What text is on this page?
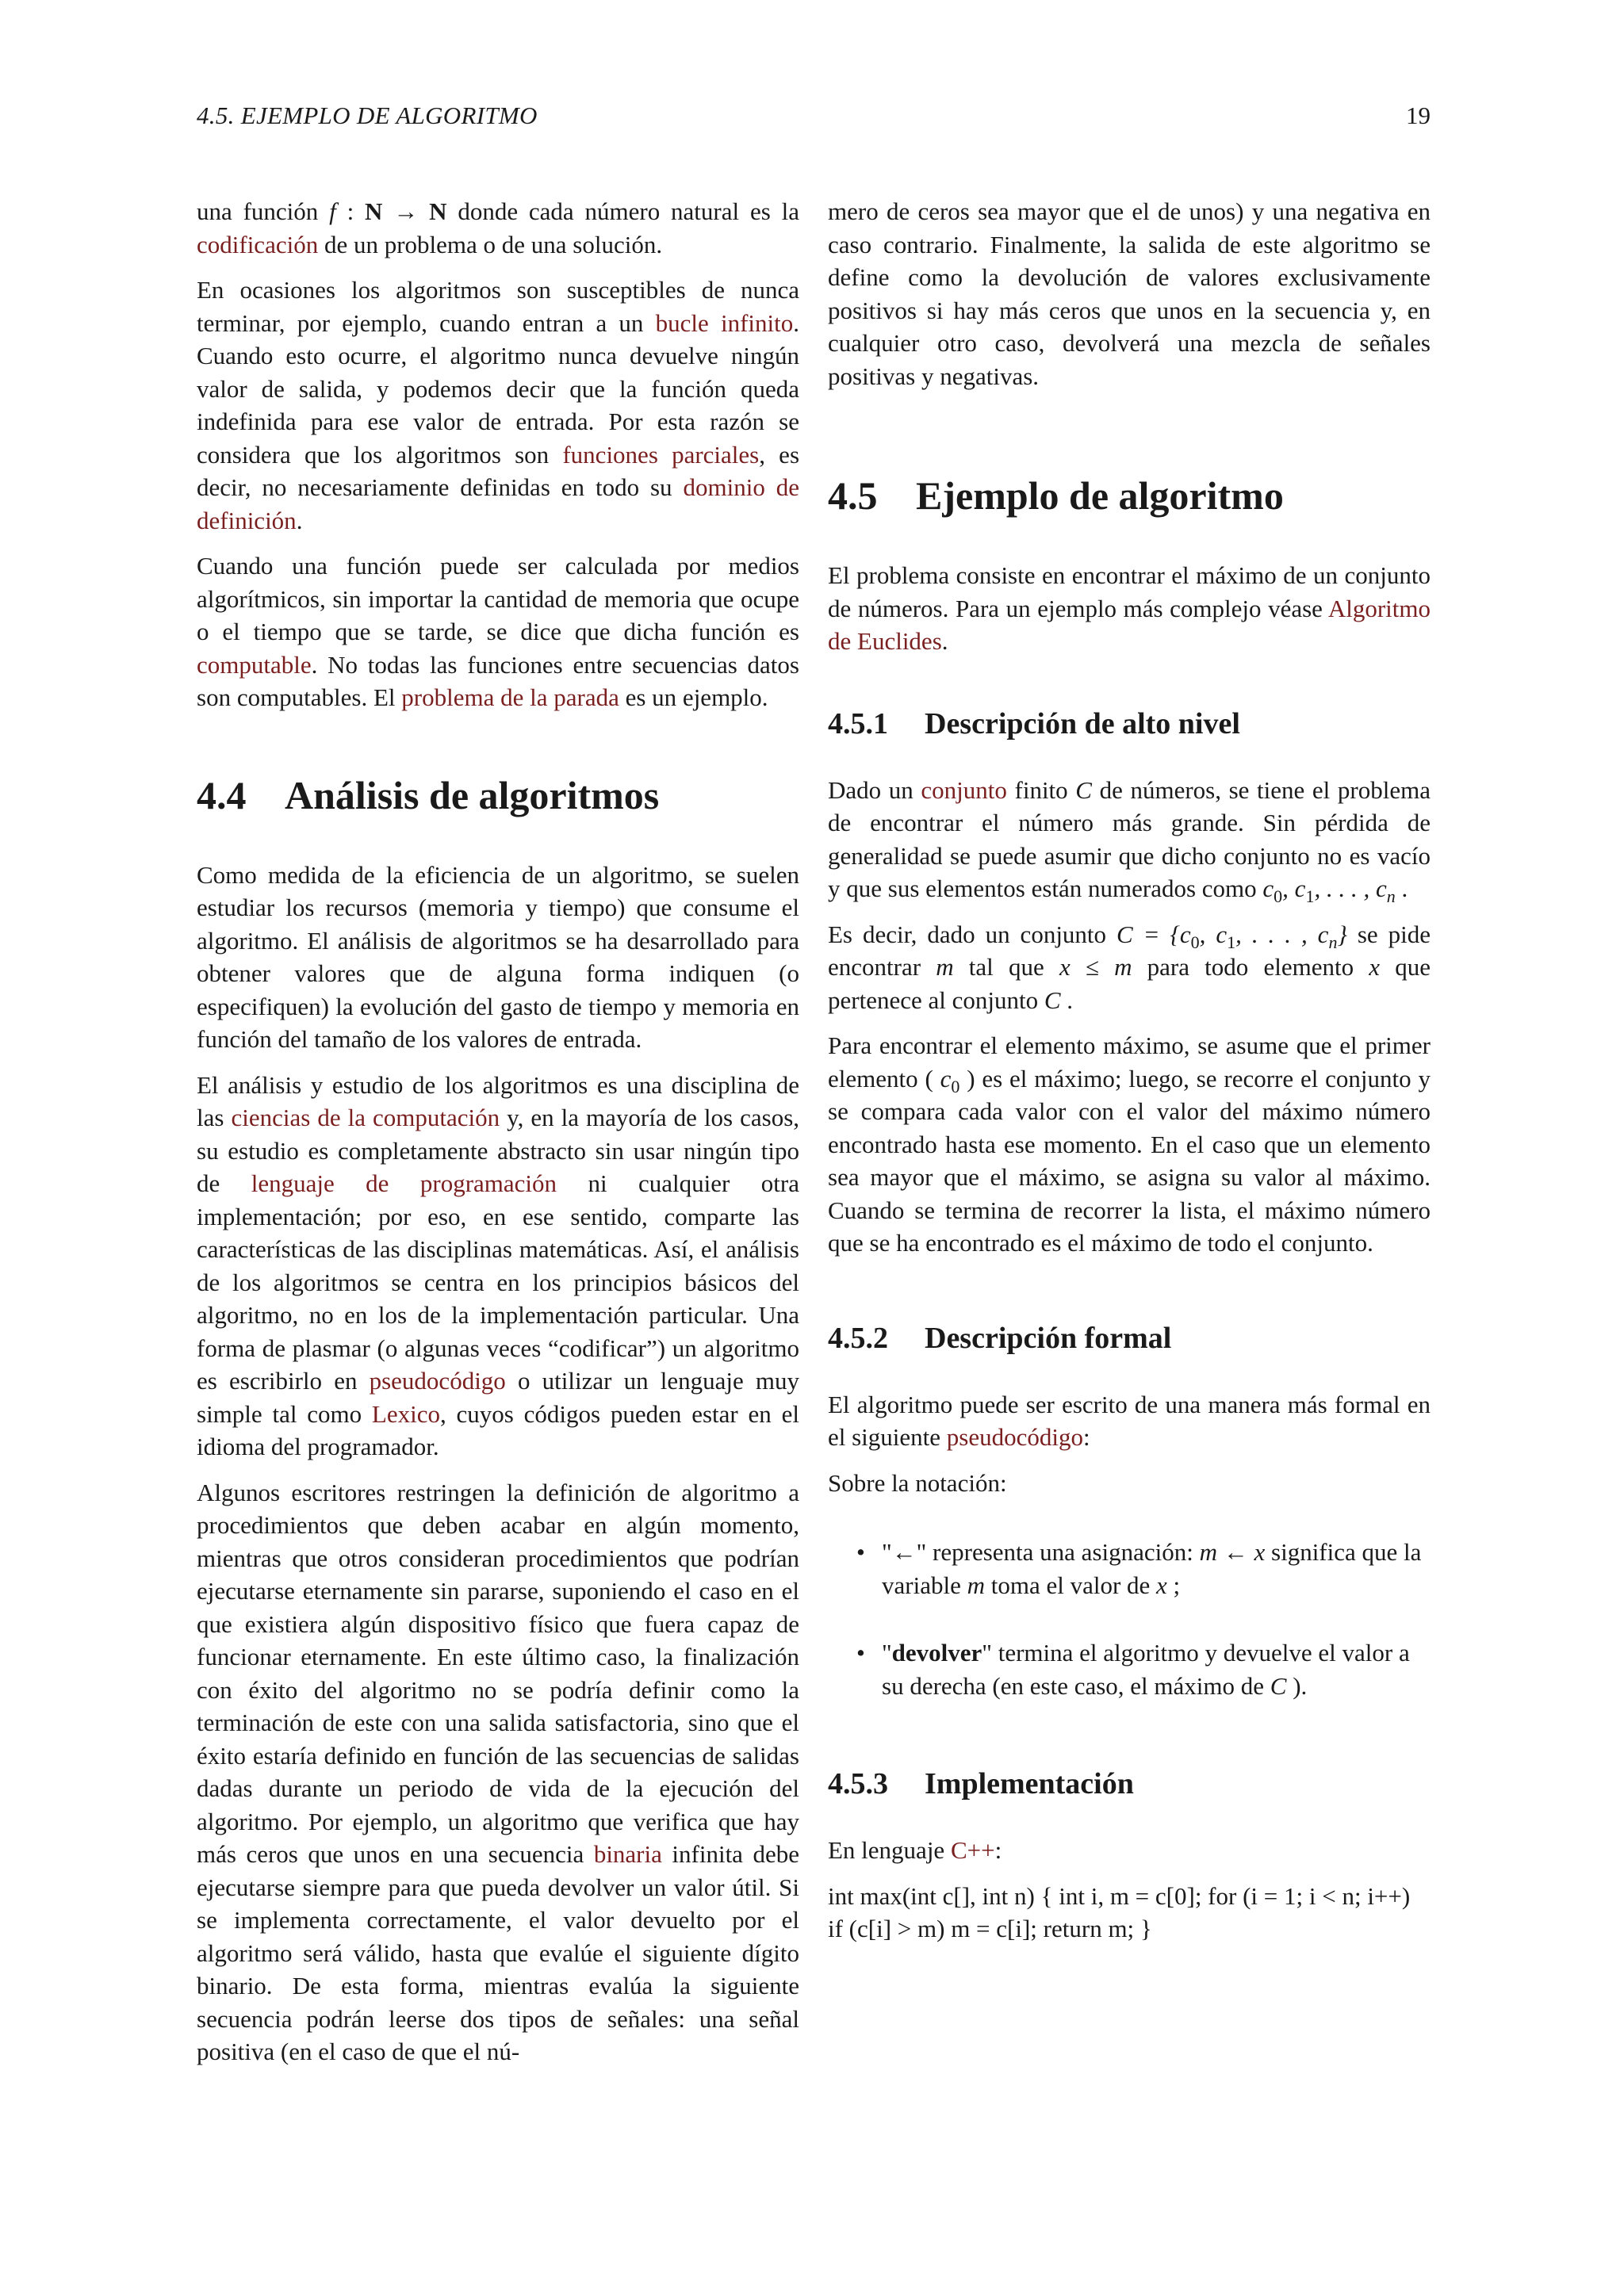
4.5. EJEMPLO DE ALGORITMO	19

una función f : N → N donde cada número natural es la codificación de un problema o de una solución.

En ocasiones los algoritmos son susceptibles de nunca terminar, por ejemplo, cuando entran a un bucle infinito. Cuando esto ocurre, el algoritmo nunca devuelve ningún valor de salida, y podemos decir que la función queda indefinida para ese valor de entrada. Por esta razón se considera que los algoritmos son funciones parciales, es decir, no necesariamente definidas en todo su dominio de definición.

Cuando una función puede ser calculada por medios algorítmicos, sin importar la cantidad de memoria que ocupe o el tiempo que se tarde, se dice que dicha función es computable. No todas las funciones entre secuencias datos son computables. El problema de la parada es un ejemplo.

4.4 Análisis de algoritmos

Como medida de la eficiencia de un algoritmo, se suelen estudiar los recursos (memoria y tiempo) que consume el algoritmo. El análisis de algoritmos se ha desarrollado para obtener valores que de alguna forma indiquen (o especifiquen) la evolución del gasto de tiempo y memoria en función del tamaño de los valores de entrada.

El análisis y estudio de los algoritmos es una disciplina de las ciencias de la computación y, en la mayoría de los casos, su estudio es completamente abstracto sin usar ningún tipo de lenguaje de programación ni cualquier otra implementación; por eso, en ese sentido, comparte las características de las disciplinas matemáticas. Así, el análisis de los algoritmos se centra en los principios básicos del algoritmo, no en los de la implementación particular. Una forma de plasmar (o algunas veces “codificar”) un algoritmo es escribirlo en pseudocódigo o utilizar un lenguaje muy simple tal como Lexico, cuyos códigos pueden estar en el idioma del programador.

Algunos escritores restringen la definición de algoritmo a procedimientos que deben acabar en algún momento, mientras que otros consideran procedimientos que podrían ejecutarse eternamente sin pararse, suponiendo el caso en el que existiera algún dispositivo físico que fuera capaz de funcionar eternamente. En este último caso, la finalización con éxito del algoritmo no se podría definir como la terminación de este con una salida satisfactoria, sino que el éxito estaría definido en función de las secuencias de salidas dadas durante un periodo de vida de la ejecución del algoritmo. Por ejemplo, un algoritmo que verifica que hay más ceros que unos en una secuencia binaria infinita debe ejecutarse siempre para que pueda devolver un valor útil. Si se implementa correctamente, el valor devuelto por el algoritmo será válido, hasta que evalúe el siguiente dígito binario. De esta forma, mientras evalúa la siguiente secuencia podrán leerse dos tipos de señales: una señal positiva (en el caso de que el nú-

mero de ceros sea mayor que el de unos) y una negativa en caso contrario. Finalmente, la salida de este algoritmo se define como la devolución de valores exclusivamente positivos si hay más ceros que unos en la secuencia y, en cualquier otro caso, devolverá una mezcla de señales positivas y negativas.

4.5 Ejemplo de algoritmo

El problema consiste en encontrar el máximo de un conjunto de números. Para un ejemplo más complejo véase Algoritmo de Euclides.

4.5.1 Descripción de alto nivel

Dado un conjunto finito C de números, se tiene el problema de encontrar el número más grande. Sin pérdida de generalidad se puede asumir que dicho conjunto no es vacío y que sus elementos están numerados como $c_0$, $c_1$, . . . , $c_n$ .

Es decir, dado un conjunto $C = \{c_0$, $c_1$, . . . , $c_n$} se pide encontrar m tal que x ≤ m para todo elemento x que pertenece al conjunto C .

Para encontrar el elemento máximo, se asume que el primer elemento ( $c_0$ ) es el máximo; luego, se recorre el conjunto y se compara cada valor con el valor del máximo número encontrado hasta ese momento. En el caso que un elemento sea mayor que el máximo, se asigna su valor al máximo. Cuando se termina de recorrer la lista, el máximo número que se ha encontrado es el máximo de todo el conjunto.

4.5.2 Descripción formal

El algoritmo puede ser escrito de una manera más formal en el siguiente pseudocódigo:

Sobre la notación:

• "←" representa una asignación: m ← x significa que la variable m toma el valor de x ;
• "devolver" termina el algoritmo y devuelve el valor a su derecha (en este caso, el máximo de C ).
4.5.3 Implementación

En lenguaje C++:

int max(int c[], int n) { int i, m = c[0]; for (i = 1; i < n; i++) if (c[i] > m) m = c[i]; return m; }
